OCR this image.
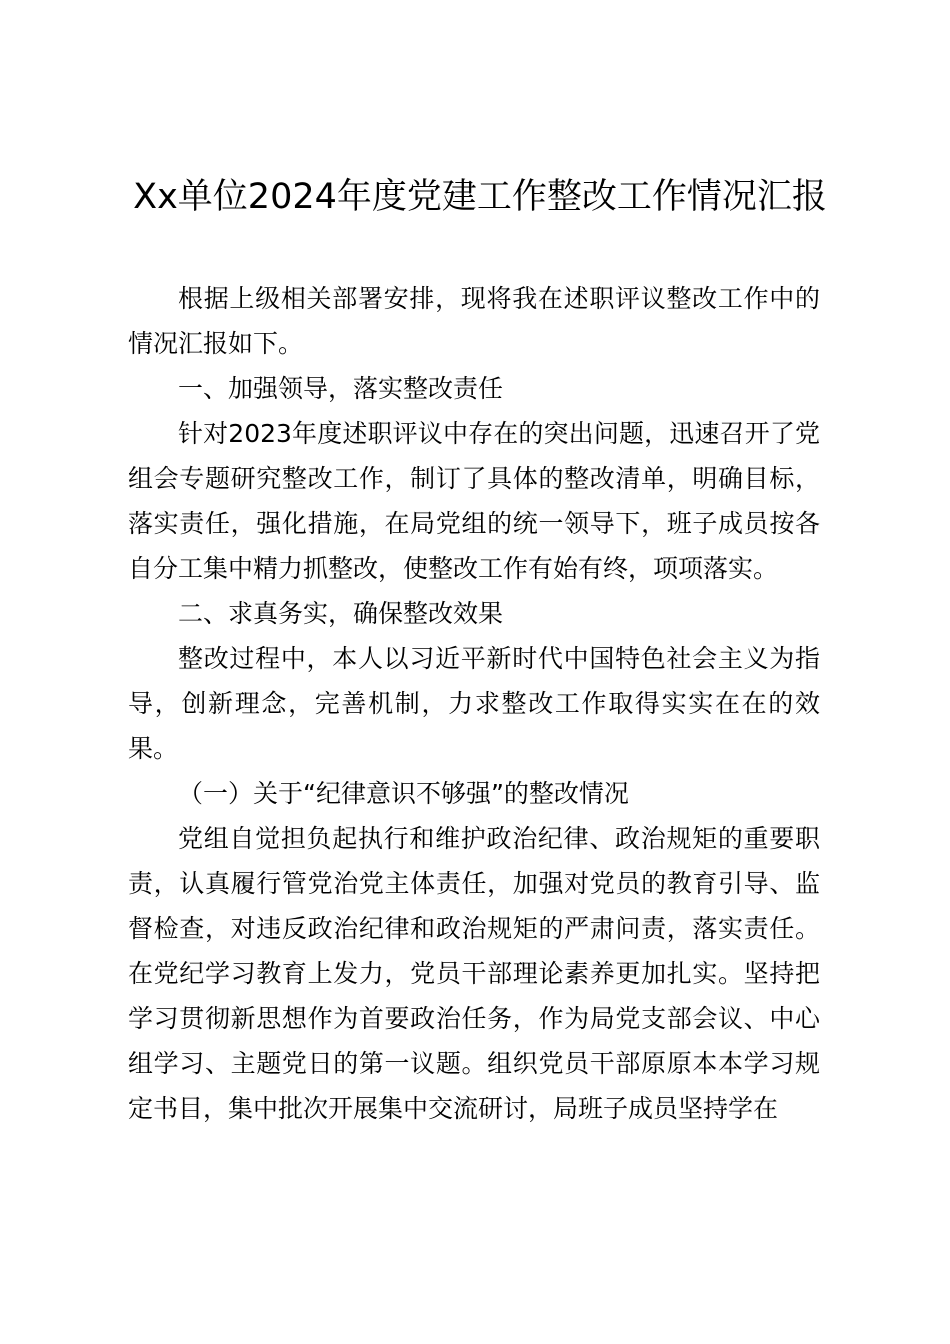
Xx单位2024年度党建工作整改工作情况汇报

根据上级相关部署安排，现将我在述职评议整改工作中的情况汇报如下。

一、加强领导，落实整改责任

针对2023年度述职评议中存在的突出问题，迅速召开了党组会专题研究整改工作，制订了具体的整改清单，明确目标，落实责任，强化措施，在局党组的统一领导下，班子成员按各自分工集中精力抓整改，使整改工作有始有终，项项落实。

二、求真务实，确保整改效果

整改过程中，本人以习近平新时代中国特色社会主义为指导，创新理念，完善机制，力求整改工作取得实实在在的效果。

（一）关于“纪律意识不够强”的整改情况

党组自觉担负起执行和维护政治纪律、政治规矩的重要职责，认真履行管党治党主体责任，加强对党员的教育引导、监督检查，对违反政治纪律和政治规矩的严肃问责，落实责任。在党纪学习教育上发力，党员干部理论素养更加扎实。坚持把学习贯彻新思想作为首要政治任务，作为局党支部会议、中心组学习、主题党日的第一议题。组织党员干部原原本本学习规定书目，集中批次开展集中交流研讨，局班子成员坚持学在
